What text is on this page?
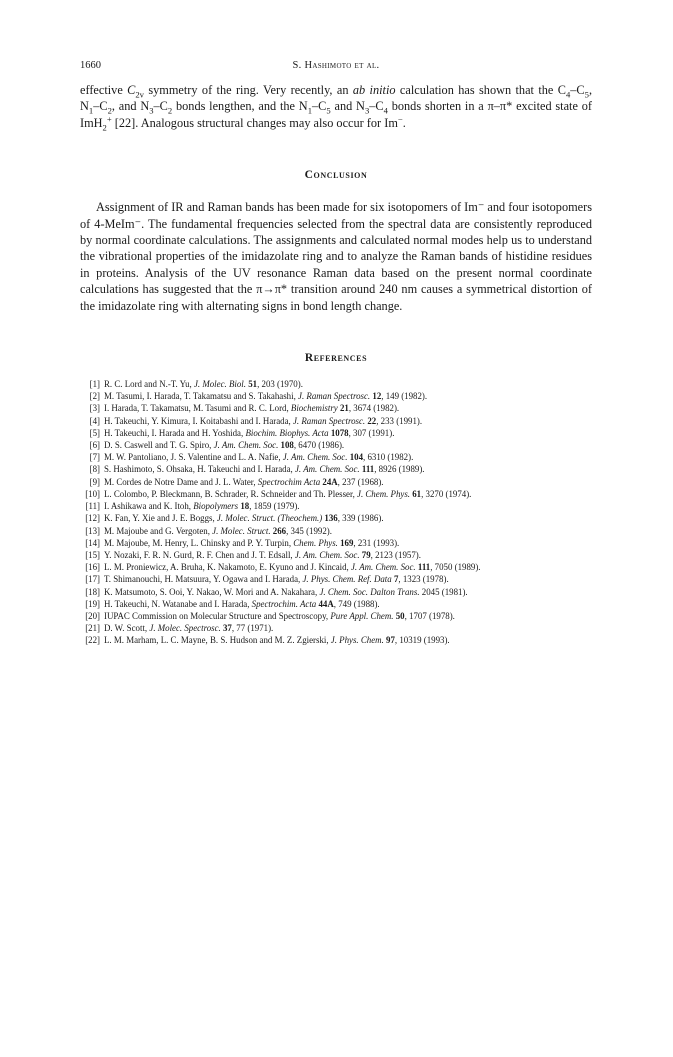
1660	S. Hashimoto et al.

effective $C_{2v}$ symmetry of the ring. Very recently, an ab initio calculation has shown that the $C_4-C_5$, $N_1-C_2$, and $N_3-C_2$ bonds lengthen, and the $N_1-C_5$ and $N_3-C_4$ bonds shorten in a π–π* excited state of ImH$_2$+ [22]. Analogous structural changes may also occur for Im−.

Conclusion

Assignment of IR and Raman bands has been made for six isotopomers of Im⁻ and four isotopomers of 4-MeIm⁻. The fundamental frequencies selected from the spectral data are consistently reproduced by normal coordinate calculations. The assignments and calculated normal modes help us to understand the vibrational properties of the imidazolate ring and to analyze the Raman bands of histidine residues in proteins. Analysis of the UV resonance Raman data based on the present normal coordinate calculations has suggested that the π→π* transition around 240 nm causes a symmetrical distortion of the imidazolate ring with alternating signs in bond length change.

References
[1] R. C. Lord and N.-T. Yu, J. Molec. Biol. 51, 203 (1970).
[2] M. Tasumi, I. Harada, T. Takamatsu and S. Takahashi, J. Raman Spectrosc. 12, 149 (1982).
[3] I. Harada, T. Takamatsu, M. Tasumi and R. C. Lord, Biochemistry 21, 3674 (1982).
[4] H. Takeuchi, Y. Kimura, I. Koitabashi and I. Harada, J. Raman Spectrosc. 22, 233 (1991).
[5] H. Takeuchi, I. Harada and H. Yoshida, Biochim. Biophys. Acta 1078, 307 (1991).
[6] D. S. Caswell and T. G. Spiro, J. Am. Chem. Soc. 108, 6470 (1986).
[7] M. W. Pantoliano, J. S. Valentine and L. A. Nafie, J. Am. Chem. Soc. 104, 6310 (1982).
[8] S. Hashimoto, S. Ohsaka, H. Takeuchi and I. Harada, J. Am. Chem. Soc. 111, 8926 (1989).
[9] M. Cordes de Notre Dame and J. L. Water, Spectrochim Acta 24A, 237 (1968).
[10] L. Colombo, P. Bleckmann, B. Schrader, R. Schneider and Th. Plesser, J. Chem. Phys. 61, 3270 (1974).
[11] I. Ashikawa and K. Itoh, Biopolymers 18, 1859 (1979).
[12] K. Fan, Y. Xie and J. E. Boggs, J. Molec. Struct. (Theochem.) 136, 339 (1986).
[13] M. Majoube and G. Vergoten, J. Molec. Struct. 266, 345 (1992).
[14] M. Majoube, M. Henry, L. Chinsky and P. Y. Turpin, Chem. Phys. 169, 231 (1993).
[15] Y. Nozaki, F. R. N. Gurd, R. F. Chen and J. T. Edsall, J. Am. Chem. Soc. 79, 2123 (1957).
[16] L. M. Proniewicz, A. Bruha, K. Nakamoto, E. Kyuno and J. Kincaid, J. Am. Chem. Soc. 111, 7050 (1989).
[17] T. Shimanouchi, H. Matsuura, Y. Ogawa and I. Harada, J. Phys. Chem. Ref. Data 7, 1323 (1978).
[18] K. Matsumoto, S. Ooi, Y. Nakao, W. Mori and A. Nakahara, J. Chem. Soc. Dalton Trans. 2045 (1981).
[19] H. Takeuchi, N. Watanabe and I. Harada, Spectrochim. Acta 44A, 749 (1988).
[20] IUPAC Commission on Molecular Structure and Spectroscopy, Pure Appl. Chem. 50, 1707 (1978).
[21] D. W. Scott, J. Molec. Spectrosc. 37, 77 (1971).
[22] L. M. Marham, L. C. Mayne, B. S. Hudson and M. Z. Zgierski, J. Phys. Chem. 97, 10319 (1993).
